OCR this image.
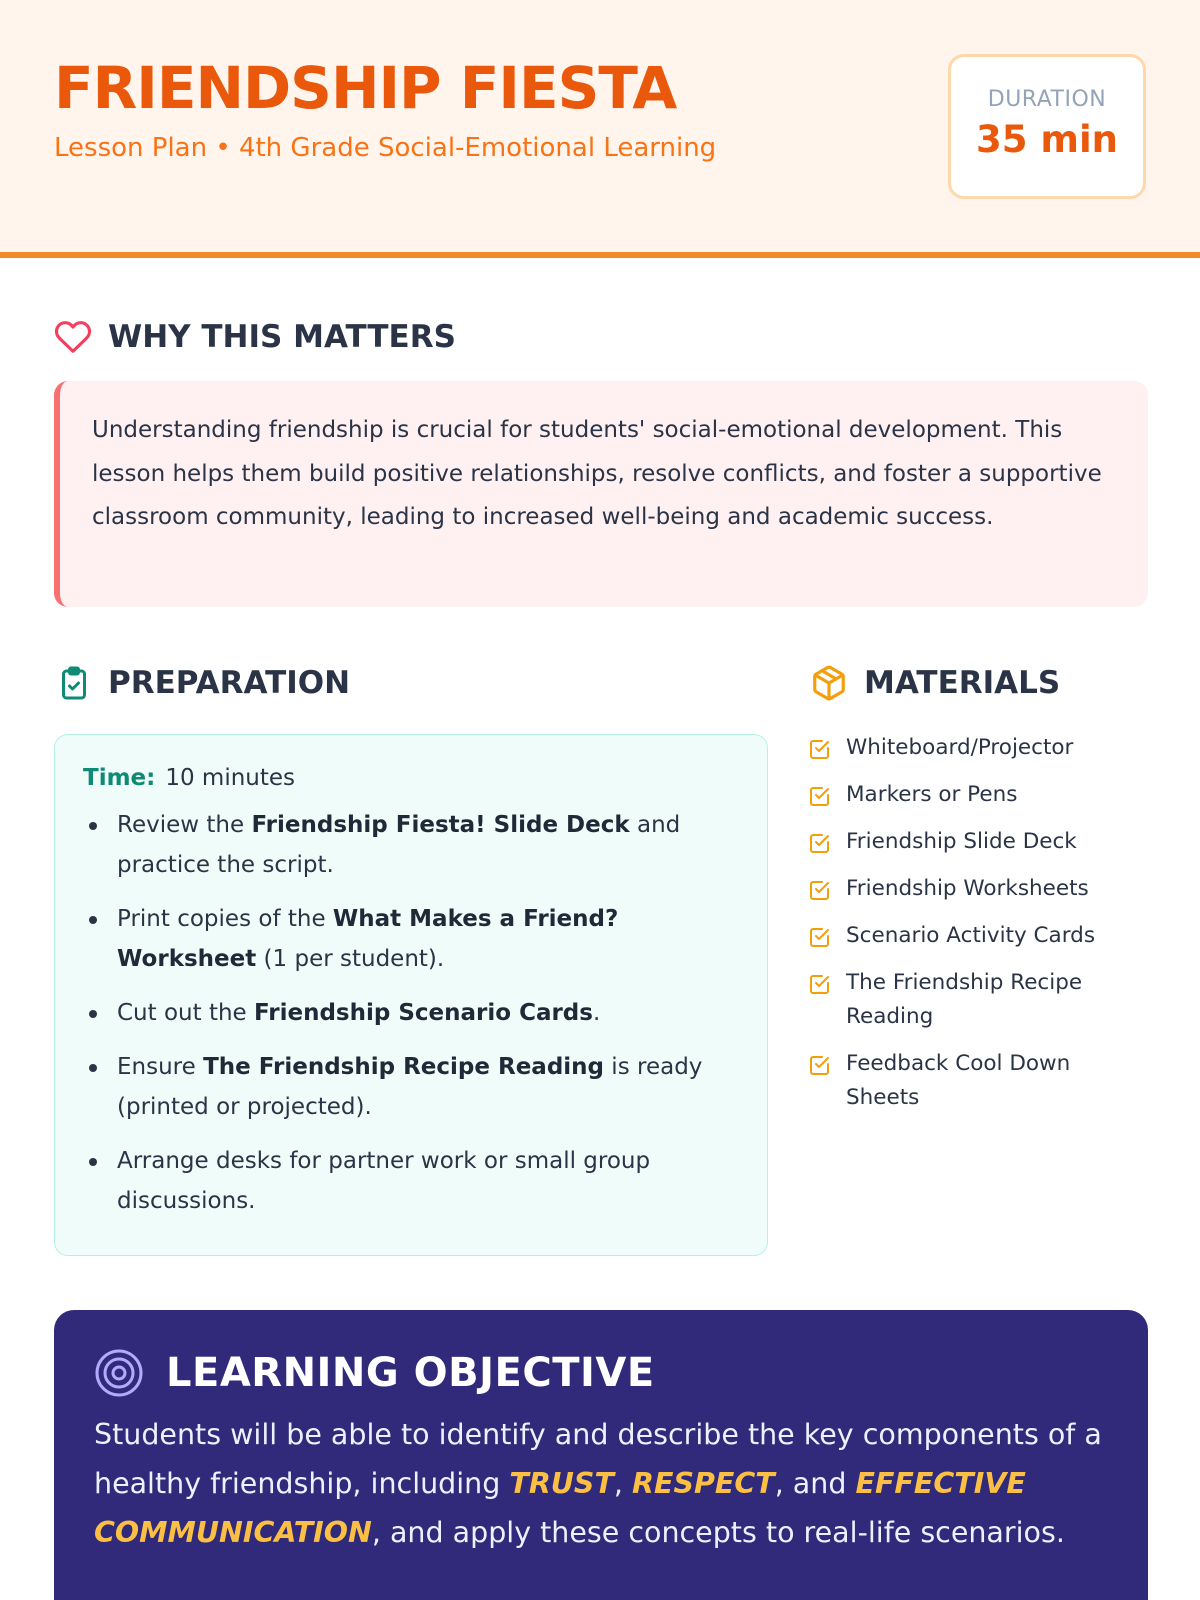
FRIENDSHIP FIESTA
Lesson Plan • 4th Grade Social-Emotional Learning
DURATION
35 min
WHY THIS MATTERS

Understanding friendship is crucial for students' social-emotional development. This lesson helps them build positive relationships, resolve conflicts, and foster a supportive classroom community, leading to increased well-being and academic success.

PREPARATION
Time: 10 minutes
Review the Friendship Fiesta! Slide Deck and practice the script.
Print copies of the What Makes a Friend? Worksheet (1 per student).
Cut out the Friendship Scenario Cards.
Ensure The Friendship Recipe Reading is ready (printed or projected).
Arrange desks for partner work or small group discussions.
MATERIALS
Whiteboard/Projector
Markers or Pens
Friendship Slide Deck
Friendship Worksheets
Scenario Activity Cards
The Friendship Recipe Reading
Feedback Cool Down Sheets
LEARNING OBJECTIVE

Students will be able to identify and describe the key components of a healthy friendship, including TRUST, RESPECT, and EFFECTIVE COMMUNICATION, and apply these concepts to real-life scenarios.
